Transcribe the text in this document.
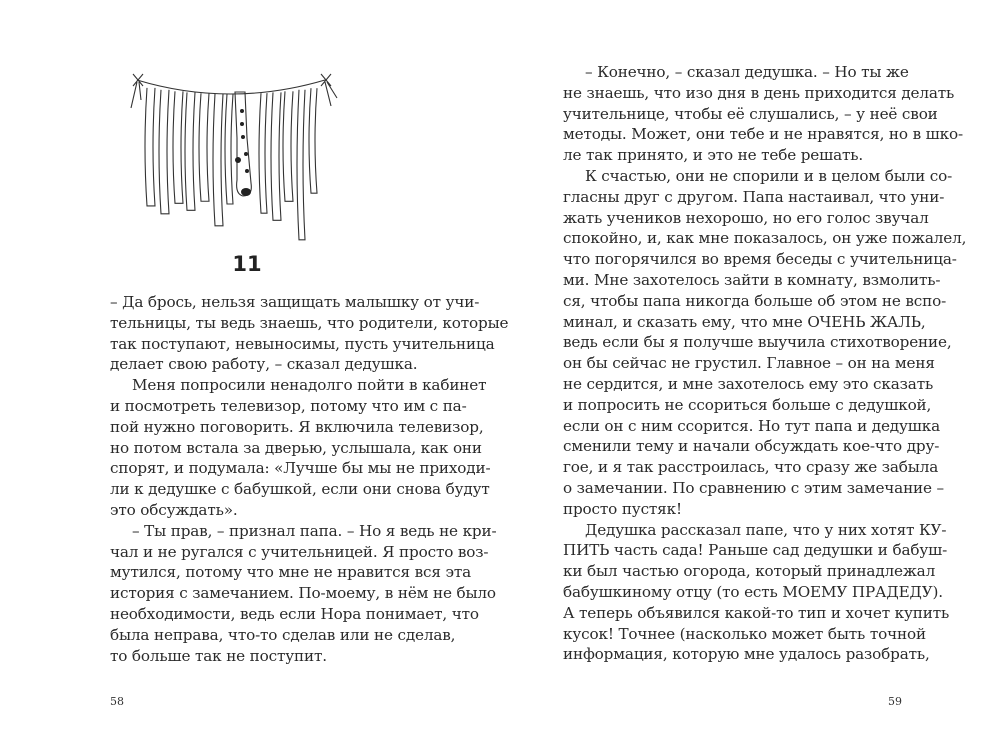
11
– Да брось, нельзя защищать малышку от учи-
тельницы, ты ведь знаешь, что родители, которые
так поступают, невыносимы, пусть учительница
делает свою работу, – сказал дедушка.
Меня попросили ненадолго пойти в кабинет
и посмотреть телевизор, потому что им с па-
пой нужно поговорить. Я включила телевизор,
но потом встала за дверью, услышала, как они
спорят, и подумала: «Лучше бы мы не приходи-
ли к дедушке с бабушкой, если они снова будут
это обсуждать».
– Ты прав, – признал папа. – Но я ведь не кри-
чал и не ругался с учительницей. Я просто воз-
мутился, потому что мне не нравится вся эта
история с замечанием. По-моему, в нём не было
необходимости, ведь если Нора понимает, что
была неправа, что-то сделав или не сделав,
то больше так не поступит.
58
– Конечно, – сказал дедушка. – Но ты же
не знаешь, что изо дня в день приходится делать
учительнице, чтобы её слушались, – у неё свои
методы. Может, они тебе и не нравятся, но в шко-
ле так принято, и это не тебе решать.
К счастью, они не спорили и в целом были со-
гласны друг с другом. Папа настаивал, что уни-
жать учеников нехорошо, но его голос звучал
спокойно, и, как мне показалось, он уже пожалел,
что погорячился во время беседы с учительница-
ми. Мне захотелось зайти в комнату, взмолить-
ся, чтобы папа никогда больше об этом не вспо-
минал, и сказать ему, что мне ОЧЕНЬ ЖАЛЬ,
ведь если бы я получше выучила стихотворение,
он бы сейчас не грустил. Главное – он на меня
не сердится, и мне захотелось ему это сказать
и попросить не ссориться больше с дедушкой,
если он с ним ссорится. Но тут папа и дедушка
сменили тему и начали обсуждать кое-что дру-
гое, и я так расстроилась, что сразу же забыла
о замечании. По сравнению с этим замечание –
просто пустяк!
Дедушка рассказал папе, что у них хотят КУ-
ПИТЬ часть сада! Раньше сад дедушки и бабуш-
ки был частью огорода, который принадлежал
бабушкиному отцу (то есть МОЕМУ ПРАДЕДУ).
А теперь объявился какой-то тип и хочет купить
кусок! Точнее (насколько может быть точной
информация, которую мне удалось разобрать,
59
